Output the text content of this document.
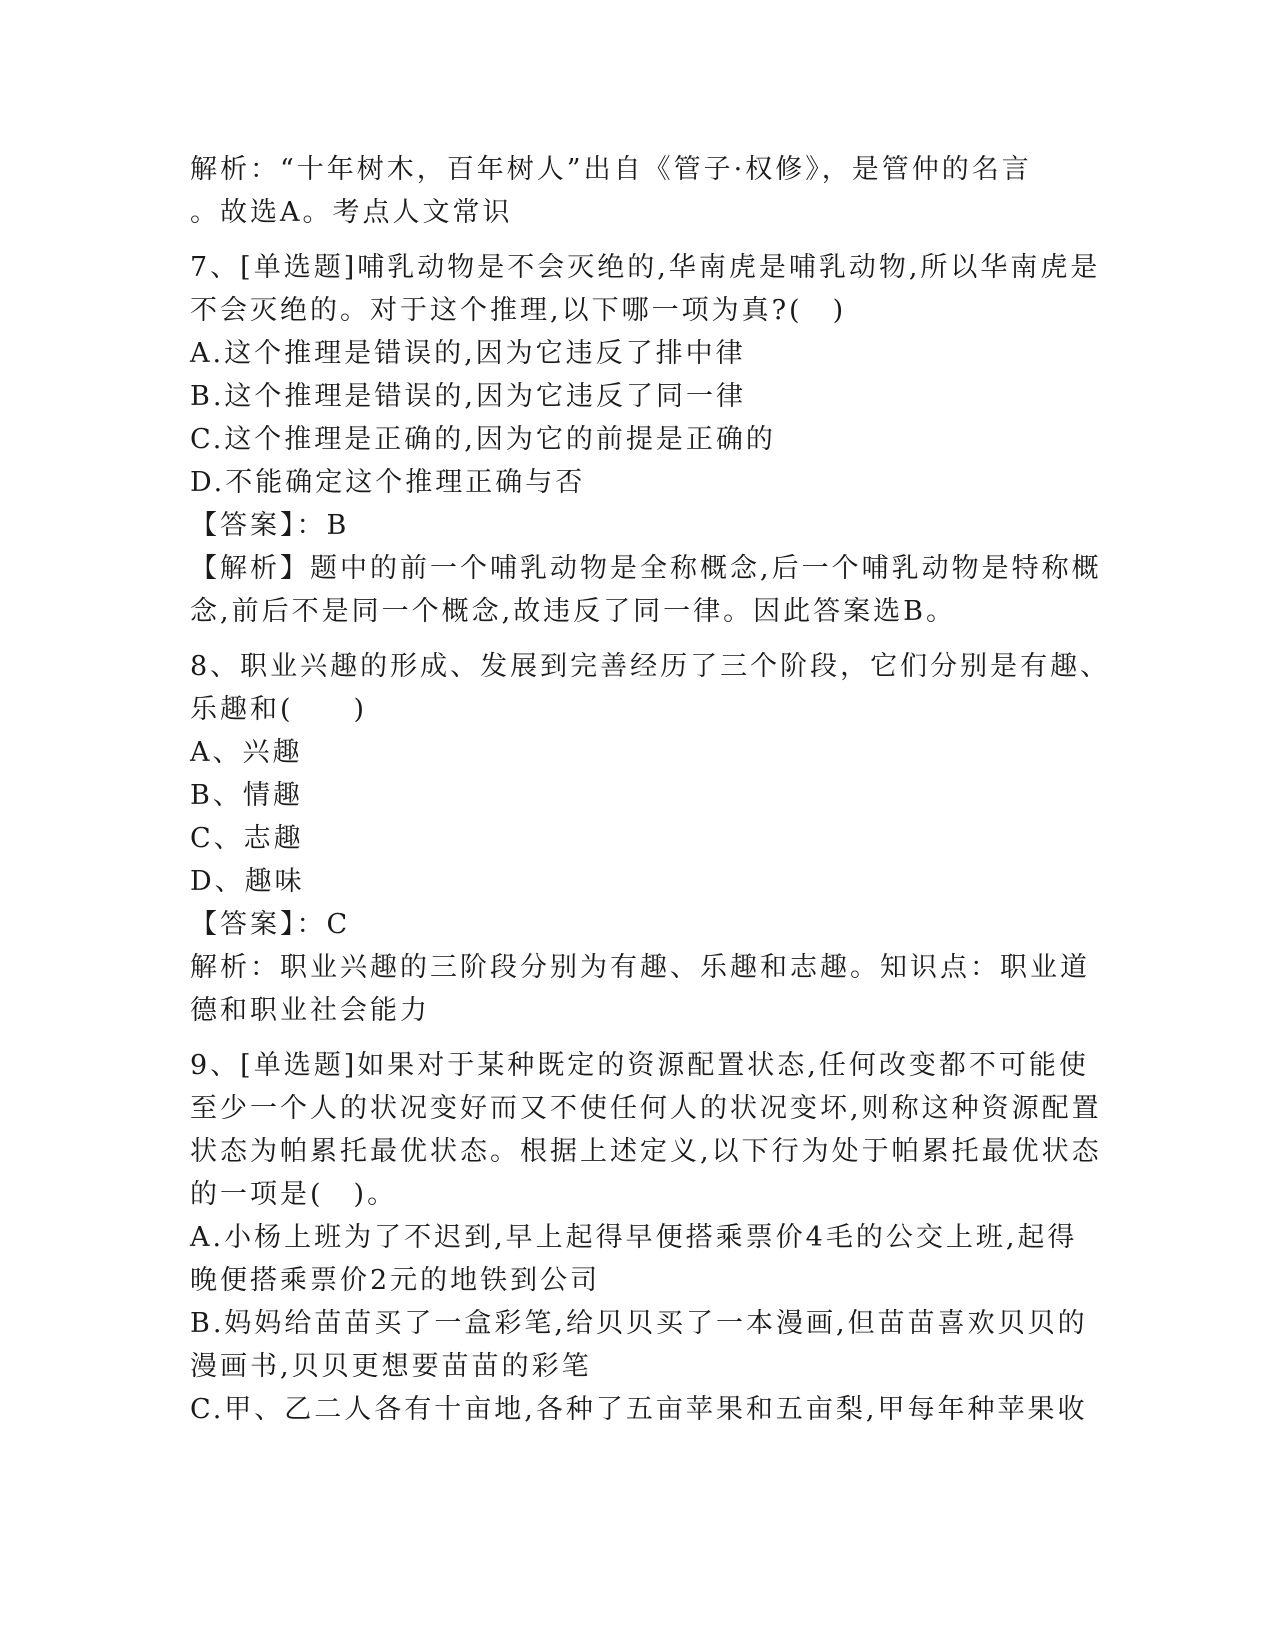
解析：“十年树木，百年树人”出自《管子·权修》，是管仲的名言
。故选A。考点人文常识
7、[单选题]哺乳动物是不会灭绝的,华南虎是哺乳动物,所以华南虎是
不会灭绝的。对于这个推理,以下哪一项为真?(　)
A.这个推理是错误的,因为它违反了排中律
B.这个推理是错误的,因为它违反了同一律
C.这个推理是正确的,因为它的前提是正确的
D.不能确定这个推理正确与否
【答案】：B
【解析】题中的前一个哺乳动物是全称概念,后一个哺乳动物是特称概
念,前后不是同一个概念,故违反了同一律。因此答案选B。
8、职业兴趣的形成、发展到完善经历了三个阶段，它们分别是有趣、
乐趣和(　　)
A、兴趣
B、情趣
C、志趣
D、趣味
【答案】：C
解析：职业兴趣的三阶段分别为有趣、乐趣和志趣。知识点：职业道
德和职业社会能力
9、[单选题]如果对于某种既定的资源配置状态,任何改变都不可能使
至少一个人的状况变好而又不使任何人的状况变坏,则称这种资源配置
状态为帕累托最优状态。根据上述定义,以下行为处于帕累托最优状态
的一项是(　)。
A.小杨上班为了不迟到,早上起得早便搭乘票价4毛的公交上班,起得
晚便搭乘票价2元的地铁到公司
B.妈妈给苗苗买了一盒彩笔,给贝贝买了一本漫画,但苗苗喜欢贝贝的
漫画书,贝贝更想要苗苗的彩笔
C.甲、乙二人各有十亩地,各种了五亩苹果和五亩梨,甲每年种苹果收
